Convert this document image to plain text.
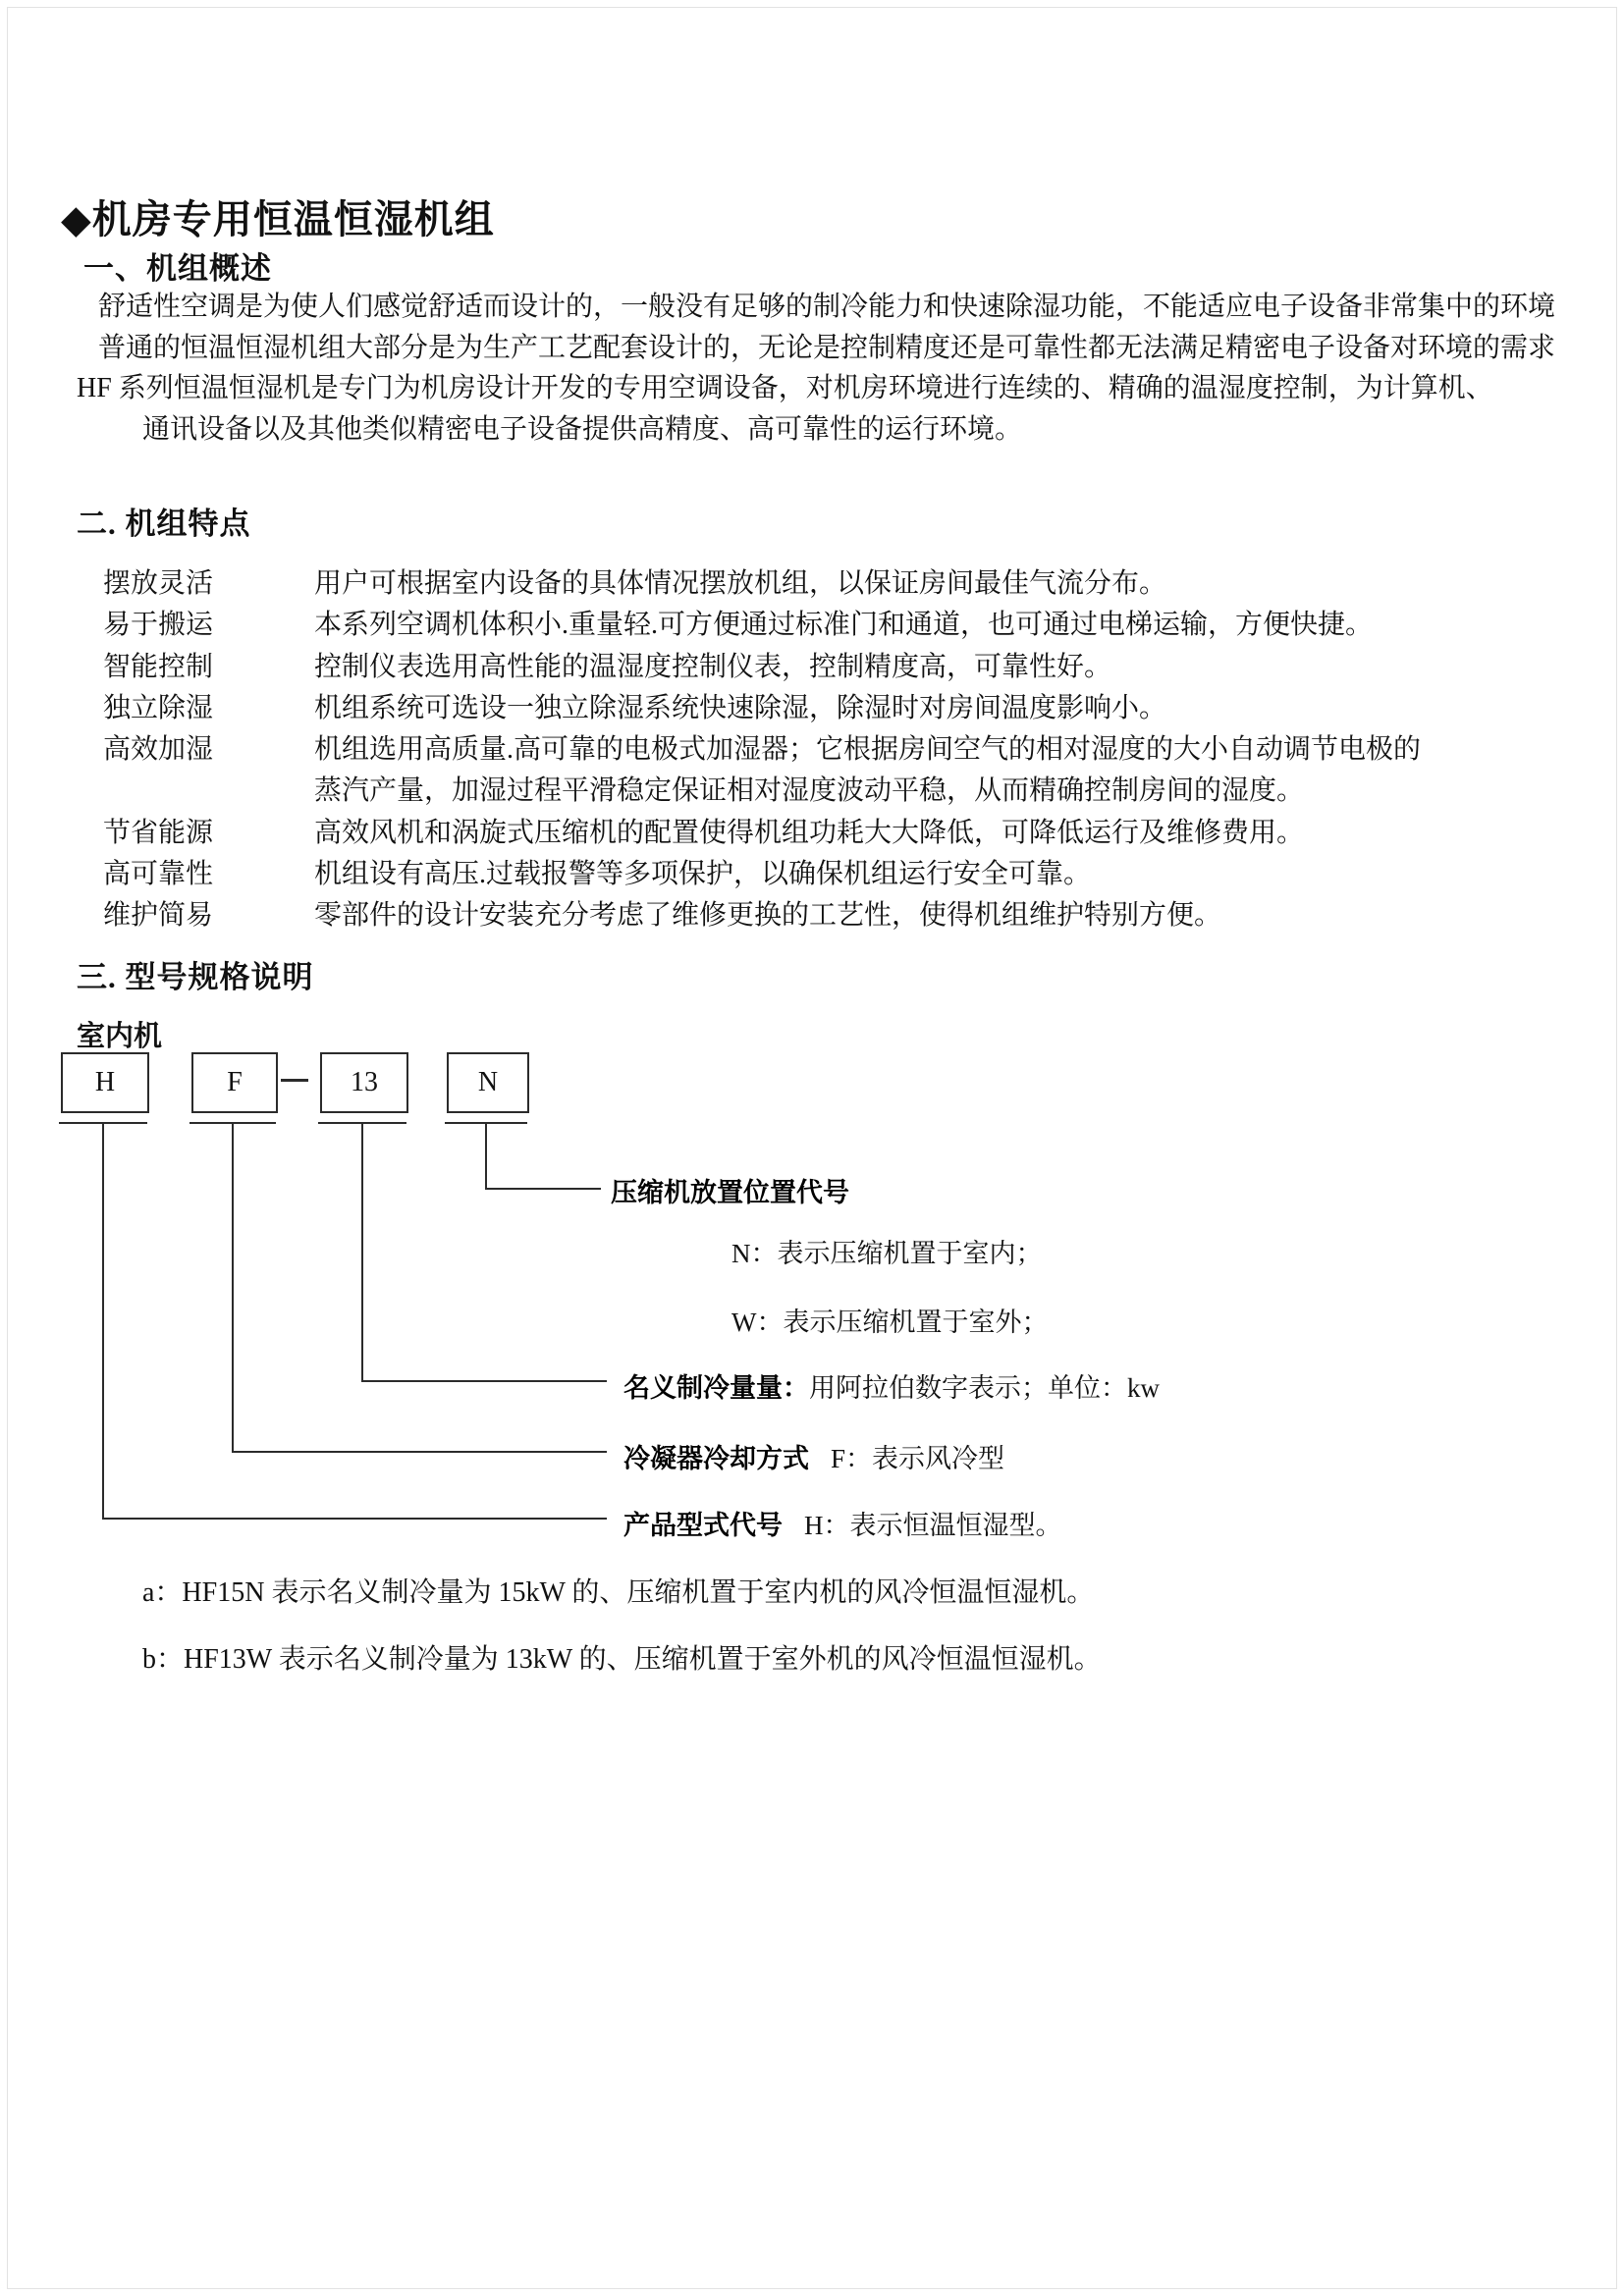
◆机房专用恒温恒湿机组
一、机组概述
舒适性空调是为使人们感觉舒适而设计的，一般没有足够的制冷能力和快速除湿功能，不能适应电子设备非常集中的环境
普通的恒温恒湿机组大部分是为生产工艺配套设计的，无论是控制精度还是可靠性都无法满足精密电子设备对环境的需求
HF 系列恒温恒湿机是专门为机房设计开发的专用空调设备，对机房环境进行连续的、精确的温湿度控制，为计算机、
通讯设备以及其他类似精密电子设备提供高精度、高可靠性的运行环境。
二. 机组特点
摆放灵活	用户可根据室内设备的具体情况摆放机组，以保证房间最佳气流分布。
易于搬运	本系列空调机体积小.重量轻.可方便通过标准门和通道，也可通过电梯运输，方便快捷。
智能控制	控制仪表选用高性能的温湿度控制仪表，控制精度高，可靠性好。
独立除湿	机组系统可选设一独立除湿系统快速除湿，除湿时对房间温度影响小。
高效加湿	机组选用高质量.高可靠的电极式加湿器；它根据房间空气的相对湿度的大小自动调节电极的
蒸汽产量，加湿过程平滑稳定保证相对湿度波动平稳，从而精确控制房间的湿度。
节省能源	高效风机和涡旋式压缩机的配置使得机组功耗大大降低，可降低运行及维修费用。
高可靠性	机组设有高压.过载报警等多项保护，以确保机组运行安全可靠。
维护简易	零部件的设计安装充分考虑了维修更换的工艺性，使得机组维护特别方便。
三. 型号规格说明
室内机
H	F	13	N
压缩机放置位置代号
N：表示压缩机置于室内；
W：表示压缩机置于室外；
名义制冷量量：用阿拉伯数字表示；单位：kw
冷凝器冷却方式 F：表示风冷型
产品型式代号 H：表示恒温恒湿型。
a：HF15N 表示名义制冷量为 15kW 的、压缩机置于室内机的风冷恒温恒湿机。
b：HF13W 表示名义制冷量为 13kW 的、压缩机置于室外机的风冷恒温恒湿机。
